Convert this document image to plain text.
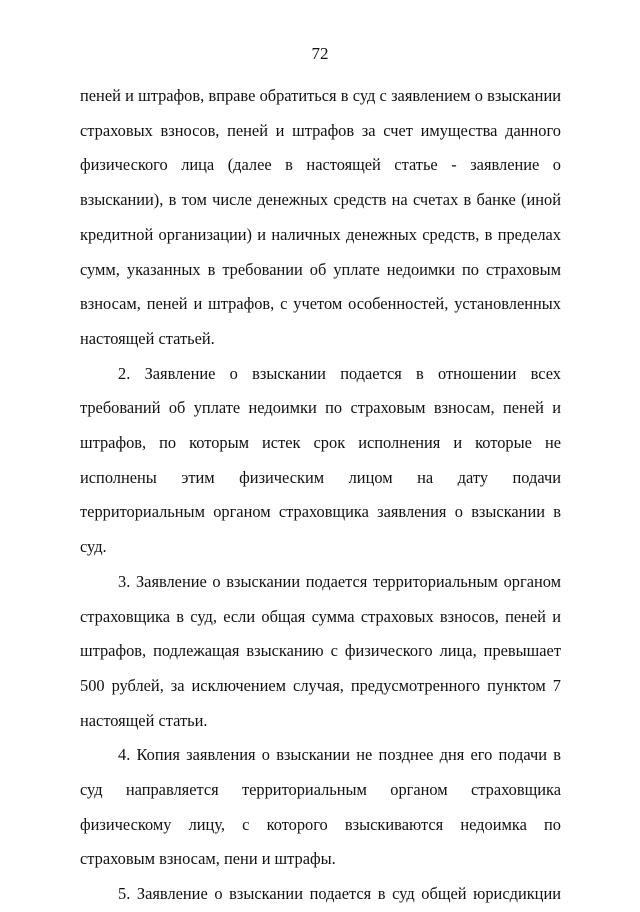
72

пеней и штрафов, вправе обратиться в суд с заявлением о взыскании страховых взносов, пеней и штрафов за счет имущества данного физического лица (далее в настоящей статье - заявление о взыскании), в том числе денежных средств на счетах в банке (иной кредитной организации) и наличных денежных средств, в пределах сумм, указанных в требовании об уплате недоимки по страховым взносам, пеней и штрафов, с учетом особенностей, установленных настоящей статьей.

2. Заявление о взыскании подается в отношении всех требований об уплате недоимки по страховым взносам, пеней и штрафов, по которым истек срок исполнения и которые не исполнены этим физическим лицом на дату подачи территориальным органом страховщика заявления о взыскании в суд.

3. Заявление о взыскании подается территориальным органом страховщика в суд, если общая сумма страховых взносов, пеней и штрафов, подлежащая взысканию с физического лица, превышает 500 рублей, за исключением случая, предусмотренного пунктом 7 настоящей статьи.

4. Копия заявления о взыскании не позднее дня его подачи в суд направляется территориальным органом страховщика физическому лицу, с которого взыскиваются недоимка по страховым взносам, пени и штрафы.

5. Заявление о взыскании подается в суд общей юрисдикции
